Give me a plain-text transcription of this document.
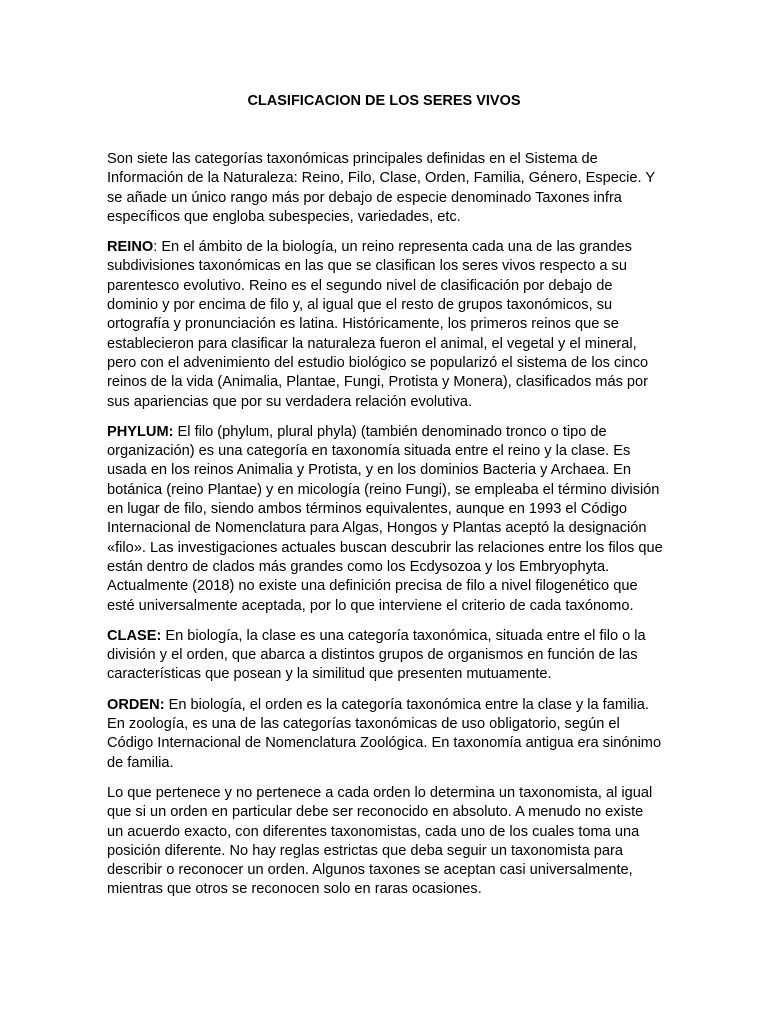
CLASIFICACION DE LOS SERES VIVOS

Son siete las categorías taxonómicas principales definidas en el Sistema de Información de la Naturaleza: Reino, Filo, Clase, Orden, Familia, Género, Especie. Y se añade un único rango más por debajo de especie denominado Taxones infra específicos que engloba subespecies, variedades, etc.

REINO: En el ámbito de la biología, un reino representa cada una de las grandes subdivisiones taxonómicas en las que se clasifican los seres vivos respecto a su parentesco evolutivo. Reino es el segundo nivel de clasificación por debajo de dominio y por encima de filo y, al igual que el resto de grupos taxonómicos, su ortografía y pronunciación es latina. Históricamente, los primeros reinos que se establecieron para clasificar la naturaleza fueron el animal, el vegetal y el mineral, pero con el advenimiento del estudio biológico se popularizó el sistema de los cinco reinos de la vida (Animalia, Plantae, Fungi, Protista y Monera), clasificados más por sus apariencias que por su verdadera relación evolutiva.

PHYLUM: El filo (phylum, plural phyla) (también denominado tronco o tipo de organización) es una categoría en taxonomía situada entre el reino y la clase. Es usada en los reinos Animalia y Protista, y en los dominios Bacteria y Archaea. En botánica (reino Plantae) y en micología (reino Fungi), se empleaba el término división en lugar de filo, siendo ambos términos equivalentes, aunque en 1993 el Código Internacional de Nomenclatura para Algas, Hongos y Plantas aceptó la designación «filo». Las investigaciones actuales buscan descubrir las relaciones entre los filos que están dentro de clados más grandes como los Ecdysozoa y los Embryophyta. Actualmente (2018) no existe una definición precisa de filo a nivel filogenético que esté universalmente aceptada, por lo que interviene el criterio de cada taxónomo.

CLASE: En biología, la clase es una categoría taxonómica, situada entre el filo o la división y el orden, que abarca a distintos grupos de organismos en función de las características que posean y la similitud que presenten mutuamente.

ORDEN: En biología, el orden es la categoría taxonómica entre la clase y la familia. En zoología, es una de las categorías taxonómicas de uso obligatorio, según el Código Internacional de Nomenclatura Zoológica. En taxonomía antigua era sinónimo de familia.

Lo que pertenece y no pertenece a cada orden lo determina un taxonomista, al igual que si un orden en particular debe ser reconocido en absoluto. A menudo no existe un acuerdo exacto, con diferentes taxonomistas, cada uno de los cuales toma una posición diferente. No hay reglas estrictas que deba seguir un taxonomista para describir o reconocer un orden. Algunos taxones se aceptan casi universalmente, mientras que otros se reconocen solo en raras ocasiones.
